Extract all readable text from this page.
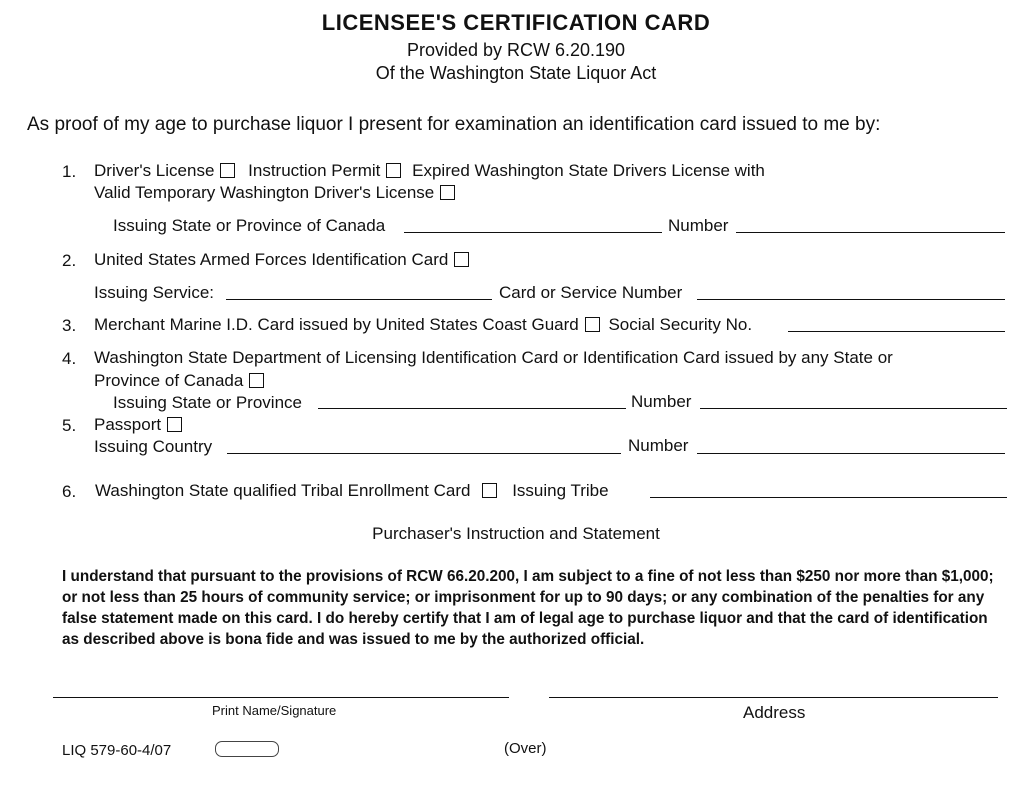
LICENSEE'S CERTIFICATION CARD
Provided by RCW 6.20.190
Of the Washington State Liquor Act
As proof of my age to purchase liquor I present for examination an identification card issued to me by:
1. Driver's License Instruction Permit Expired Washington State Drivers License with
Valid Temporary Washington Driver's License
Issuing State or Province of Canada	Number
2. United States Armed Forces Identification Card
Issuing Service:	Card or Service Number
3. Merchant Marine I.D. Card issued by United States Coast Guard Social Security No.
4. Washington State Department of Licensing Identification Card or Identification Card issued by any State or
Province of Canada
Issuing State or Province	Number
5. Passport
Issuing Country	Number
6. Washington State qualified Tribal Enrollment Card Issuing Tribe
Purchaser's Instruction and Statement
I understand that pursuant to the provisions of RCW 66.20.200, I am subject to a fine of not less than $250 nor more than $1,000; or not less than 25 hours of community service; or imprisonment for up to 90 days; or any combination of the penalties for any false statement made on this card. I do hereby certify that I am of legal age to purchase liquor and that the card of identification as described above is bona fide and was issued to me by the authorized official.
Print Name/Signature	Address
LIQ 579-60-4/07	(Over)
